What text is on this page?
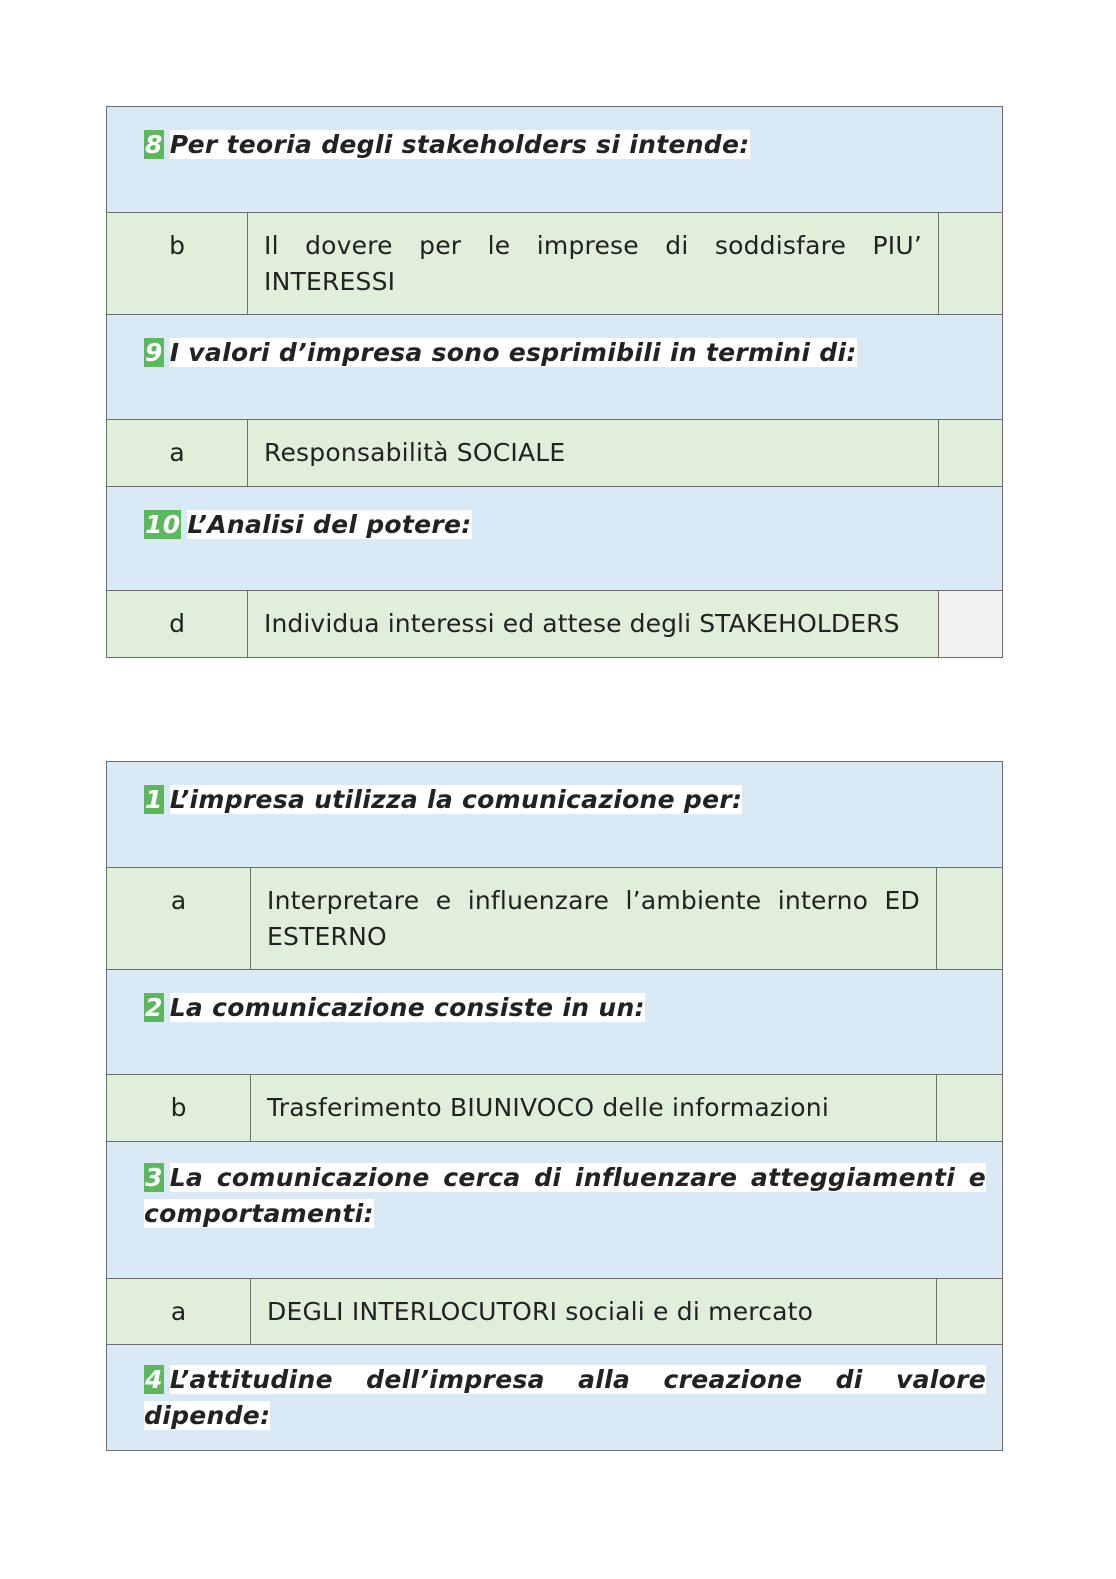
8 Per teoria degli stakeholders si intende:
b	Il dovere per le imprese di soddisfare PIU’ INTERESSI
9 I valori d’impresa sono esprimibili in termini di:
a	Responsabilità SOCIALE
10 L’Analisi del potere:
d	Individua interessi ed attese degli STAKEHOLDERS
1 L’impresa utilizza la comunicazione per:
a	Interpretare e influenzare l’ambiente interno ED ESTERNO
2 La comunicazione consiste in un:
b	Trasferimento BIUNIVOCO delle informazioni
3 La comunicazione cerca di influenzare atteggiamenti e comportamenti:
a	DEGLI INTERLOCUTORI sociali e di mercato
4 L’attitudine dell’impresa alla creazione di valore dipende:
